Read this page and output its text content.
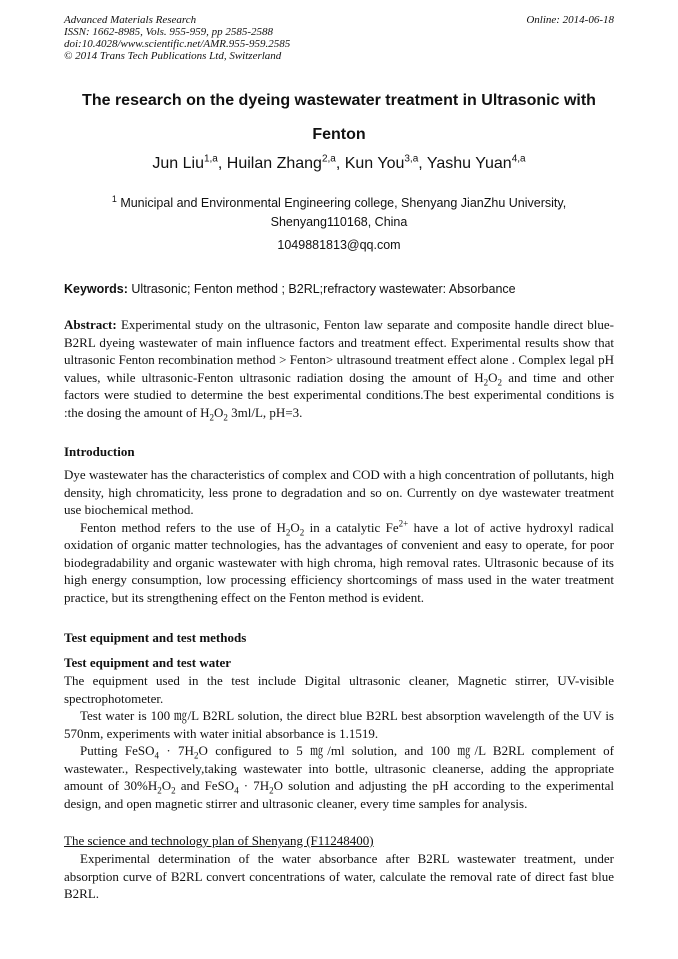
Advanced Materials Research
ISSN: 1662-8985, Vols. 955-959, pp 2585-2588
doi:10.4028/www.scientific.net/AMR.955-959.2585
© 2014 Trans Tech Publications Ltd, Switzerland
Online: 2014-06-18
The research on the dyeing wastewater treatment in Ultrasonic with
Fenton
Jun Liu$^{1,a}$, Huilan Zhang$^{2,a}$, Kun You$^{3,a}$, Yashu Yuan$^{4,a}$
$^1$ Municipal and Environmental Engineering college, Shenyang JianZhu University,
Shenyang110168, China
1049881813@qq.com
Keywords: Ultrasonic; Fenton method ; B2RL;refractory wastewater: Absorbance

Abstract: Experimental study on the ultrasonic, Fenton law separate and composite handle direct blue-B2RL dyeing wastewater of main influence factors and treatment effect. Experimental results show that ultrasonic Fenton recombination method > Fenton> ultrasound treatment effect alone . Complex legal pH values, while ultrasonic-Fenton ultrasonic radiation dosing the amount of $H_2O_2$ and time and other factors were studied to determine the best experimental conditions.The best experimental conditions is :the dosing the amount of $H_2O_2$ 3ml/L, pH=3.

Introduction

Dye wastewater has the characteristics of complex and COD with a high concentration of pollutants, high density, high chromaticity, less prone to degradation and so on. Currently on dye wastewater treatment use biochemical method.

Fenton method refers to the use of $H_2O_2$ in a catalytic $Fe^{2+}$ have a lot of active hydroxyl radical oxidation of organic matter technologies, has the advantages of convenient and easy to operate, for poor biodegradability and organic wastewater with high chroma, high removal rates. Ultrasonic because of its high energy consumption, low processing efficiency shortcomings of mass used in the water treatment practice, but its strengthening effect on the Fenton method is evident.

Test equipment and test methods
Test equipment and test water

The equipment used in the test include Digital ultrasonic cleaner, Magnetic stirrer, UV-visible spectrophotometer.

Test water is 100 ㎎/L B2RL solution, the direct blue B2RL best absorption wavelength of the UV is 570nm, experiments with water initial absorbance is 1.1519.

Putting FeSO$_4$ · $7H_2O$ configured to 5 ㎎/ml solution, and 100 ㎎/L B2RL complement of wastewater., Respectively,taking wastewater into bottle, ultrasonic cleanerse, adding the appropriate amount of $30\%H_2O_2$ and FeSO$_4$ · $7H_2O$ solution and adjusting the pH according to the experimental design, and open magnetic stirrer and ultrasonic cleaner, every time samples for analysis.

The science and technology plan of Shenyang (F11248400)

Experimental determination of the water absorbance after B2RL wastewater treatment, under absorption curve of B2RL convert concentrations of water, calculate the removal rate of direct fast blue B2RL.
